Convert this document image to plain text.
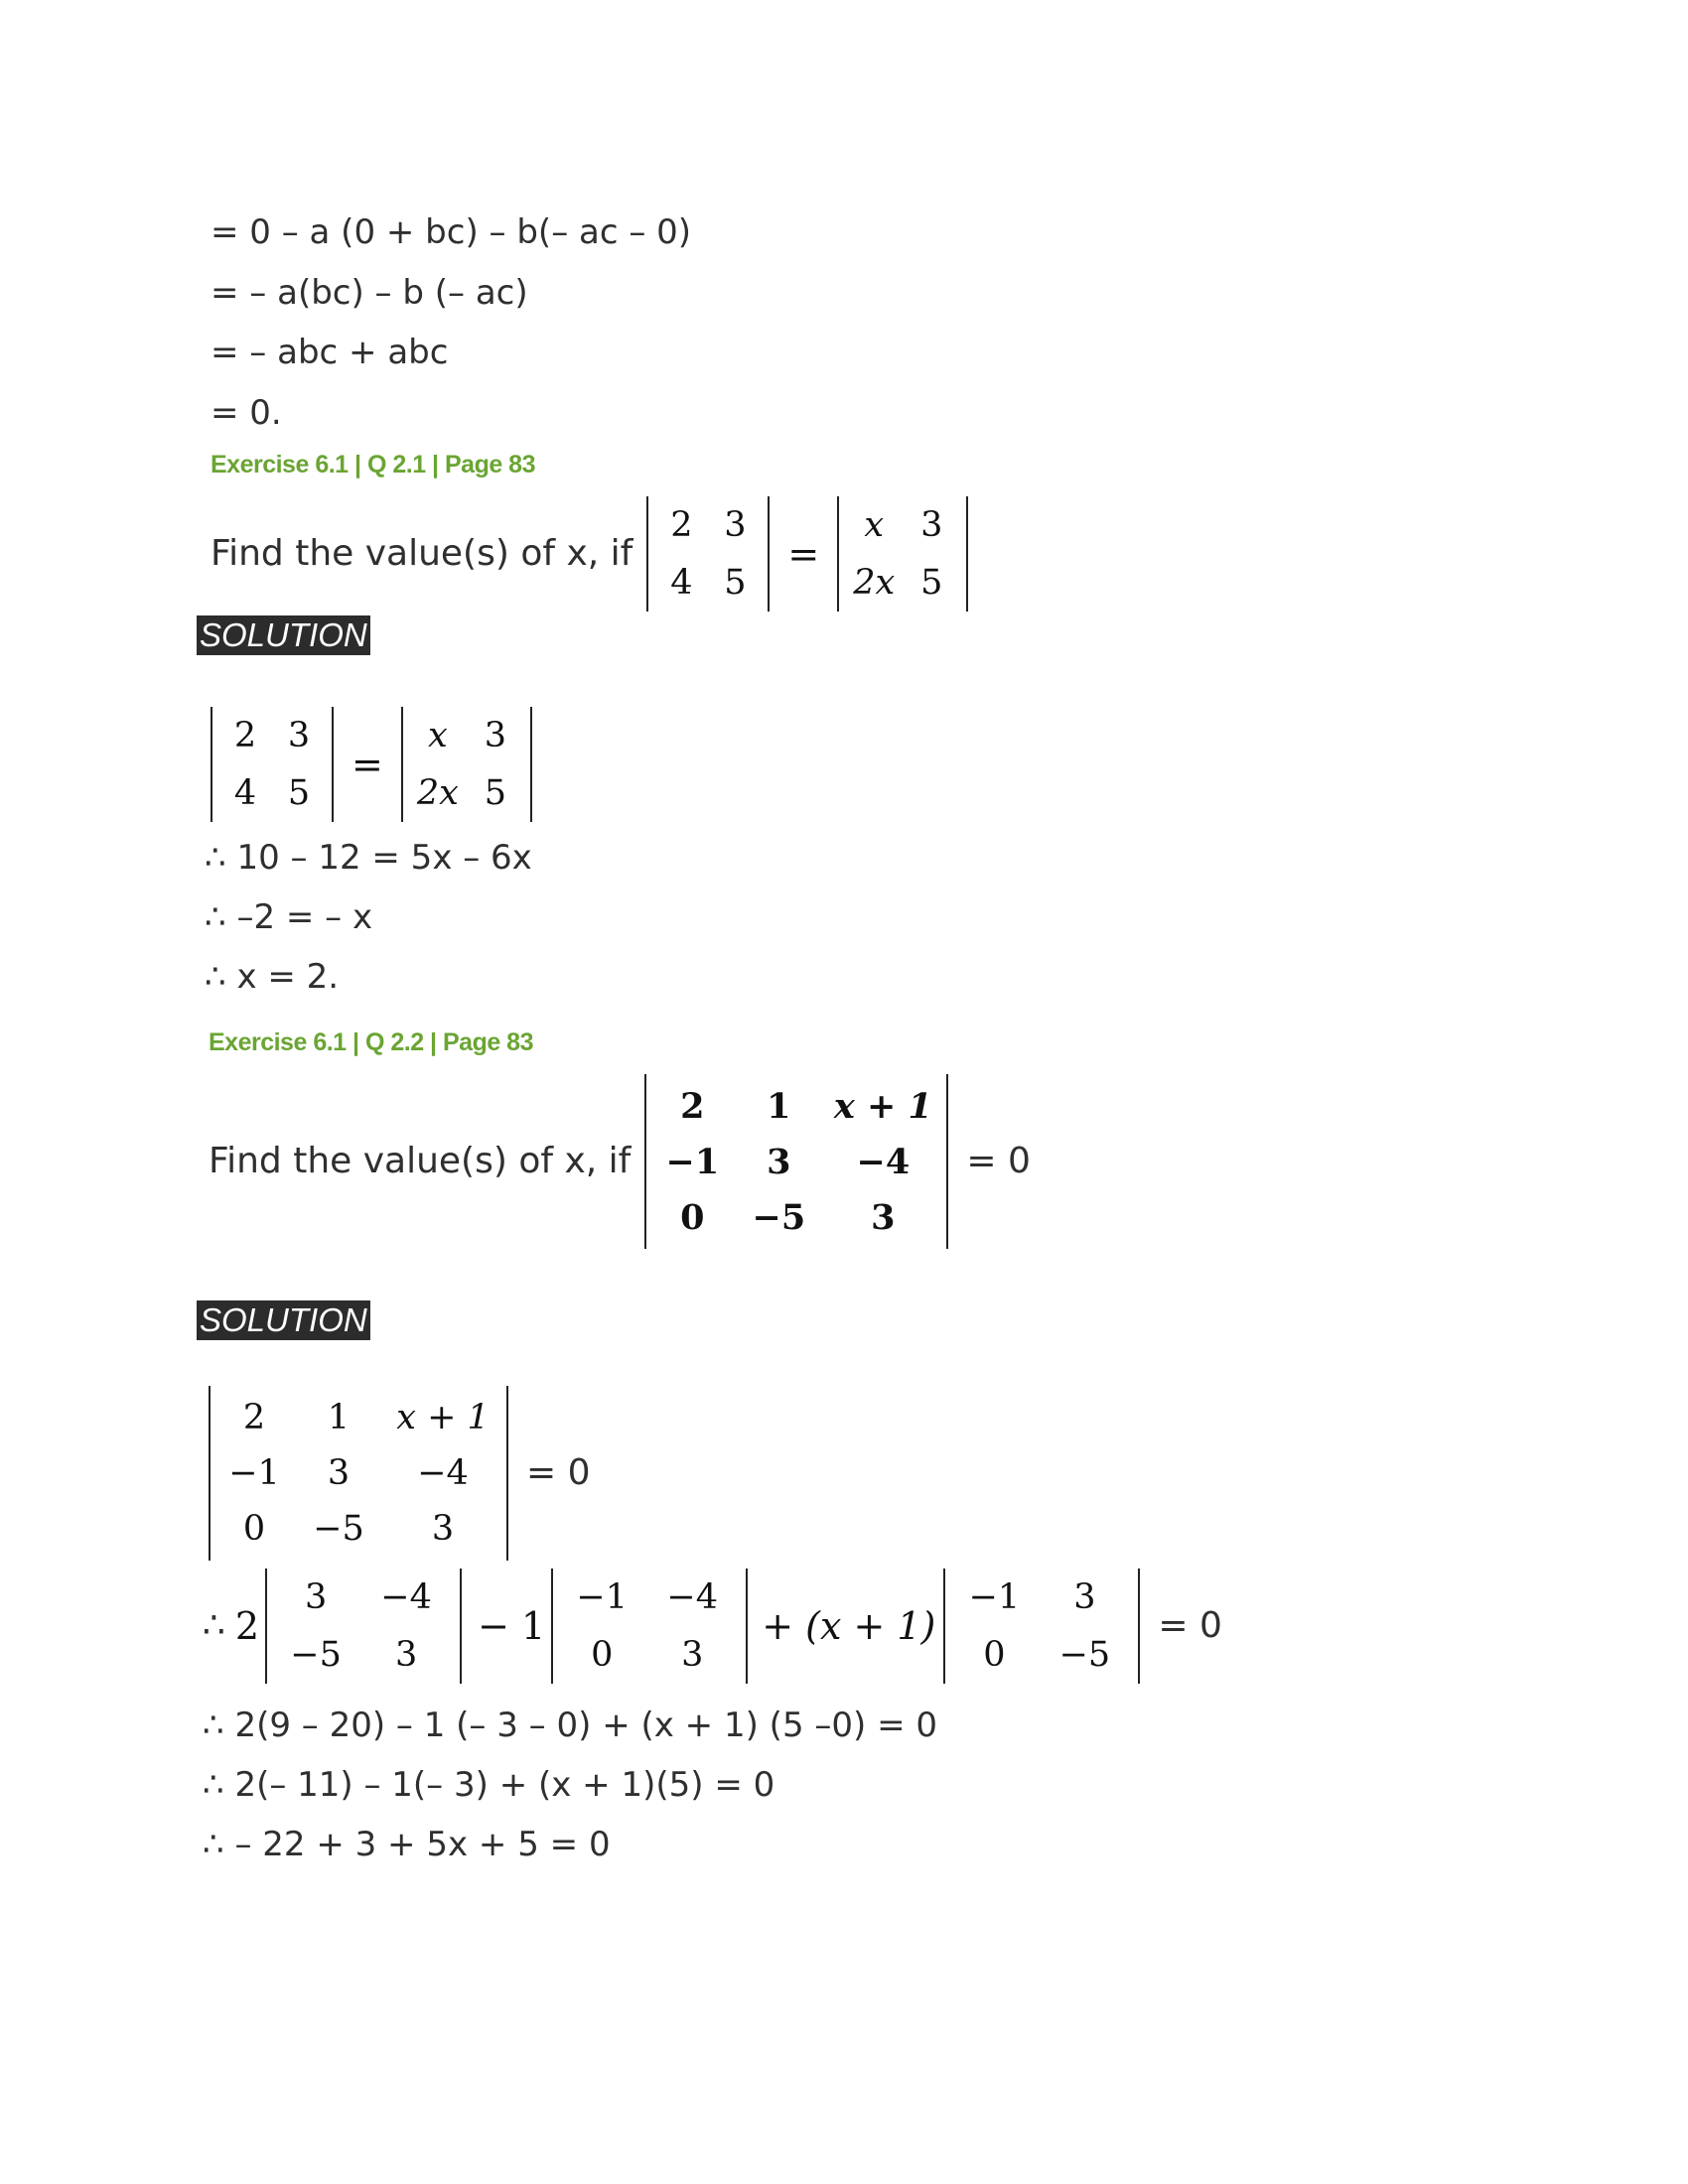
= 0 – a (0 + bc) – b(– ac – 0)
= – a(bc) – b (– ac)
= – abc + abc
= 0.
Exercise 6.1 | Q 2.1 | Page 83
Find the value(s) of x, if
2 3
4 5
=
x	3
2x 5
SOLUTION
2 3
4 5
=
x	3
2x 5
∴ 10 – 12 = 5x – 6x
∴ –2 = – x
∴ x = 2.
Exercise 6.1 | Q 2.2 | Page 83
Find the value(s) of x, if
2	1	x + 1
−1	3	−4
0	−5	3
= 0
SOLUTION
2	1	x + 1
−1	3	−4
0	−5	3
= 0
∴ 2
3	−4
−5	3
− 1
−1	−4
0	3
+ (x + 1)
−1	3
0	−5
= 0
∴ 2(9 – 20) – 1 (– 3 – 0) + (x + 1) (5 –0) = 0
∴ 2(– 11) – 1(– 3) + (x + 1)(5) = 0
∴ – 22 + 3 + 5x + 5 = 0
